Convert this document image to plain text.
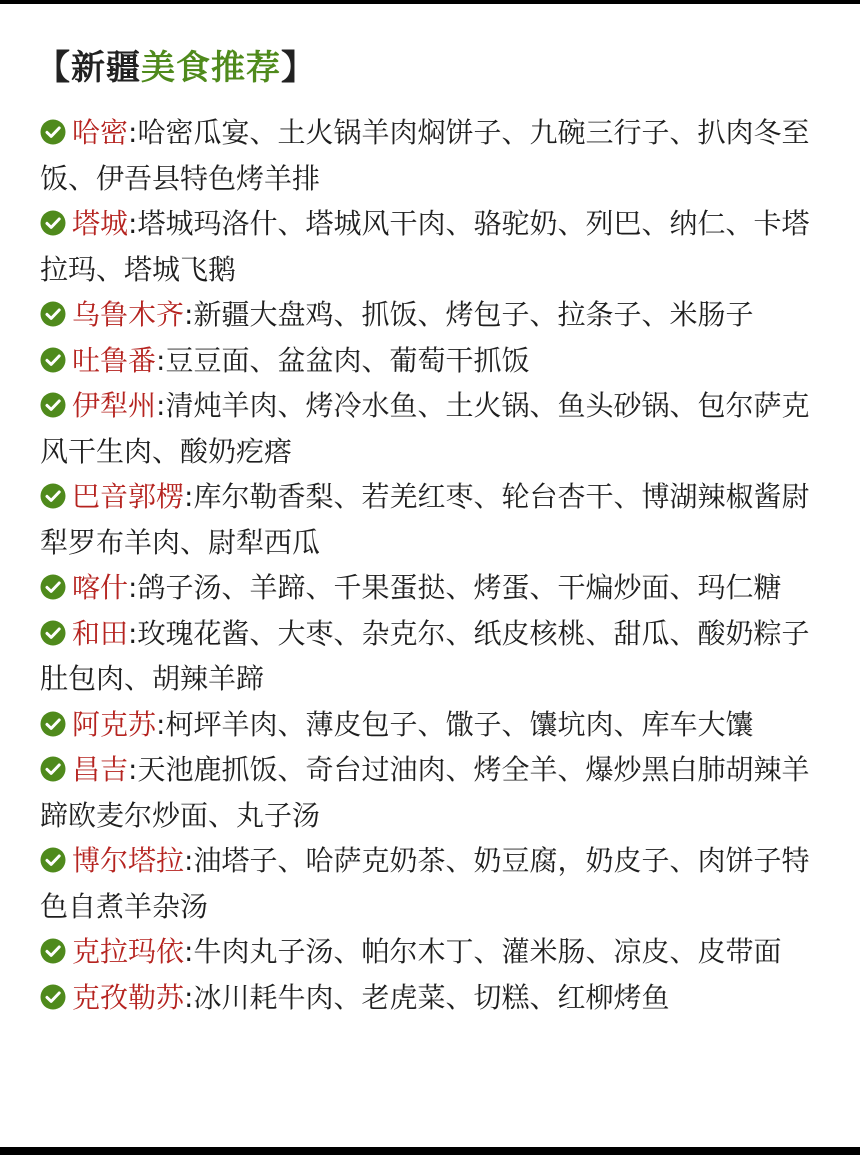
【新疆美食推荐】

哈密:哈密瓜宴、土火锅羊肉焖饼子、九碗三行子、扒肉冬至饭、伊吾县特色烤羊排

塔城:塔城玛洛什、塔城风干肉、骆驼奶、列巴、纳仁、卡塔拉玛、塔城飞鹅

乌鲁木齐:新疆大盘鸡、抓饭、烤包子、拉条子、米肠子

吐鲁番:豆豆面、盆盆肉、葡萄干抓饭

伊犁州:清炖羊肉、烤冷水鱼、土火锅、鱼头砂锅、包尔萨克风干生肉、酸奶疙瘩

巴音郭楞:库尔勒香梨、若羌红枣、轮台杏干、博湖辣椒酱尉犁罗布羊肉、尉犁西瓜

喀什:鸽子汤、羊蹄、千果蛋挞、烤蛋、干煸炒面、玛仁糖

和田:玫瑰花酱、大枣、杂克尔、纸皮核桃、甜瓜、酸奶粽子肚包肉、胡辣羊蹄

阿克苏:柯坪羊肉、薄皮包子、馓子、馕坑肉、库车大馕

昌吉:天池鹿抓饭、奇台过油肉、烤全羊、爆炒黑白肺胡辣羊蹄欧麦尔炒面、丸子汤

博尔塔拉:油塔子、哈萨克奶茶、奶豆腐，奶皮子、肉饼子特色自煮羊杂汤

克拉玛依:牛肉丸子汤、帕尔木丁、灌米肠、凉皮、皮带面

克孜勒苏:冰川耗牛肉、老虎菜、切糕、红柳烤鱼
